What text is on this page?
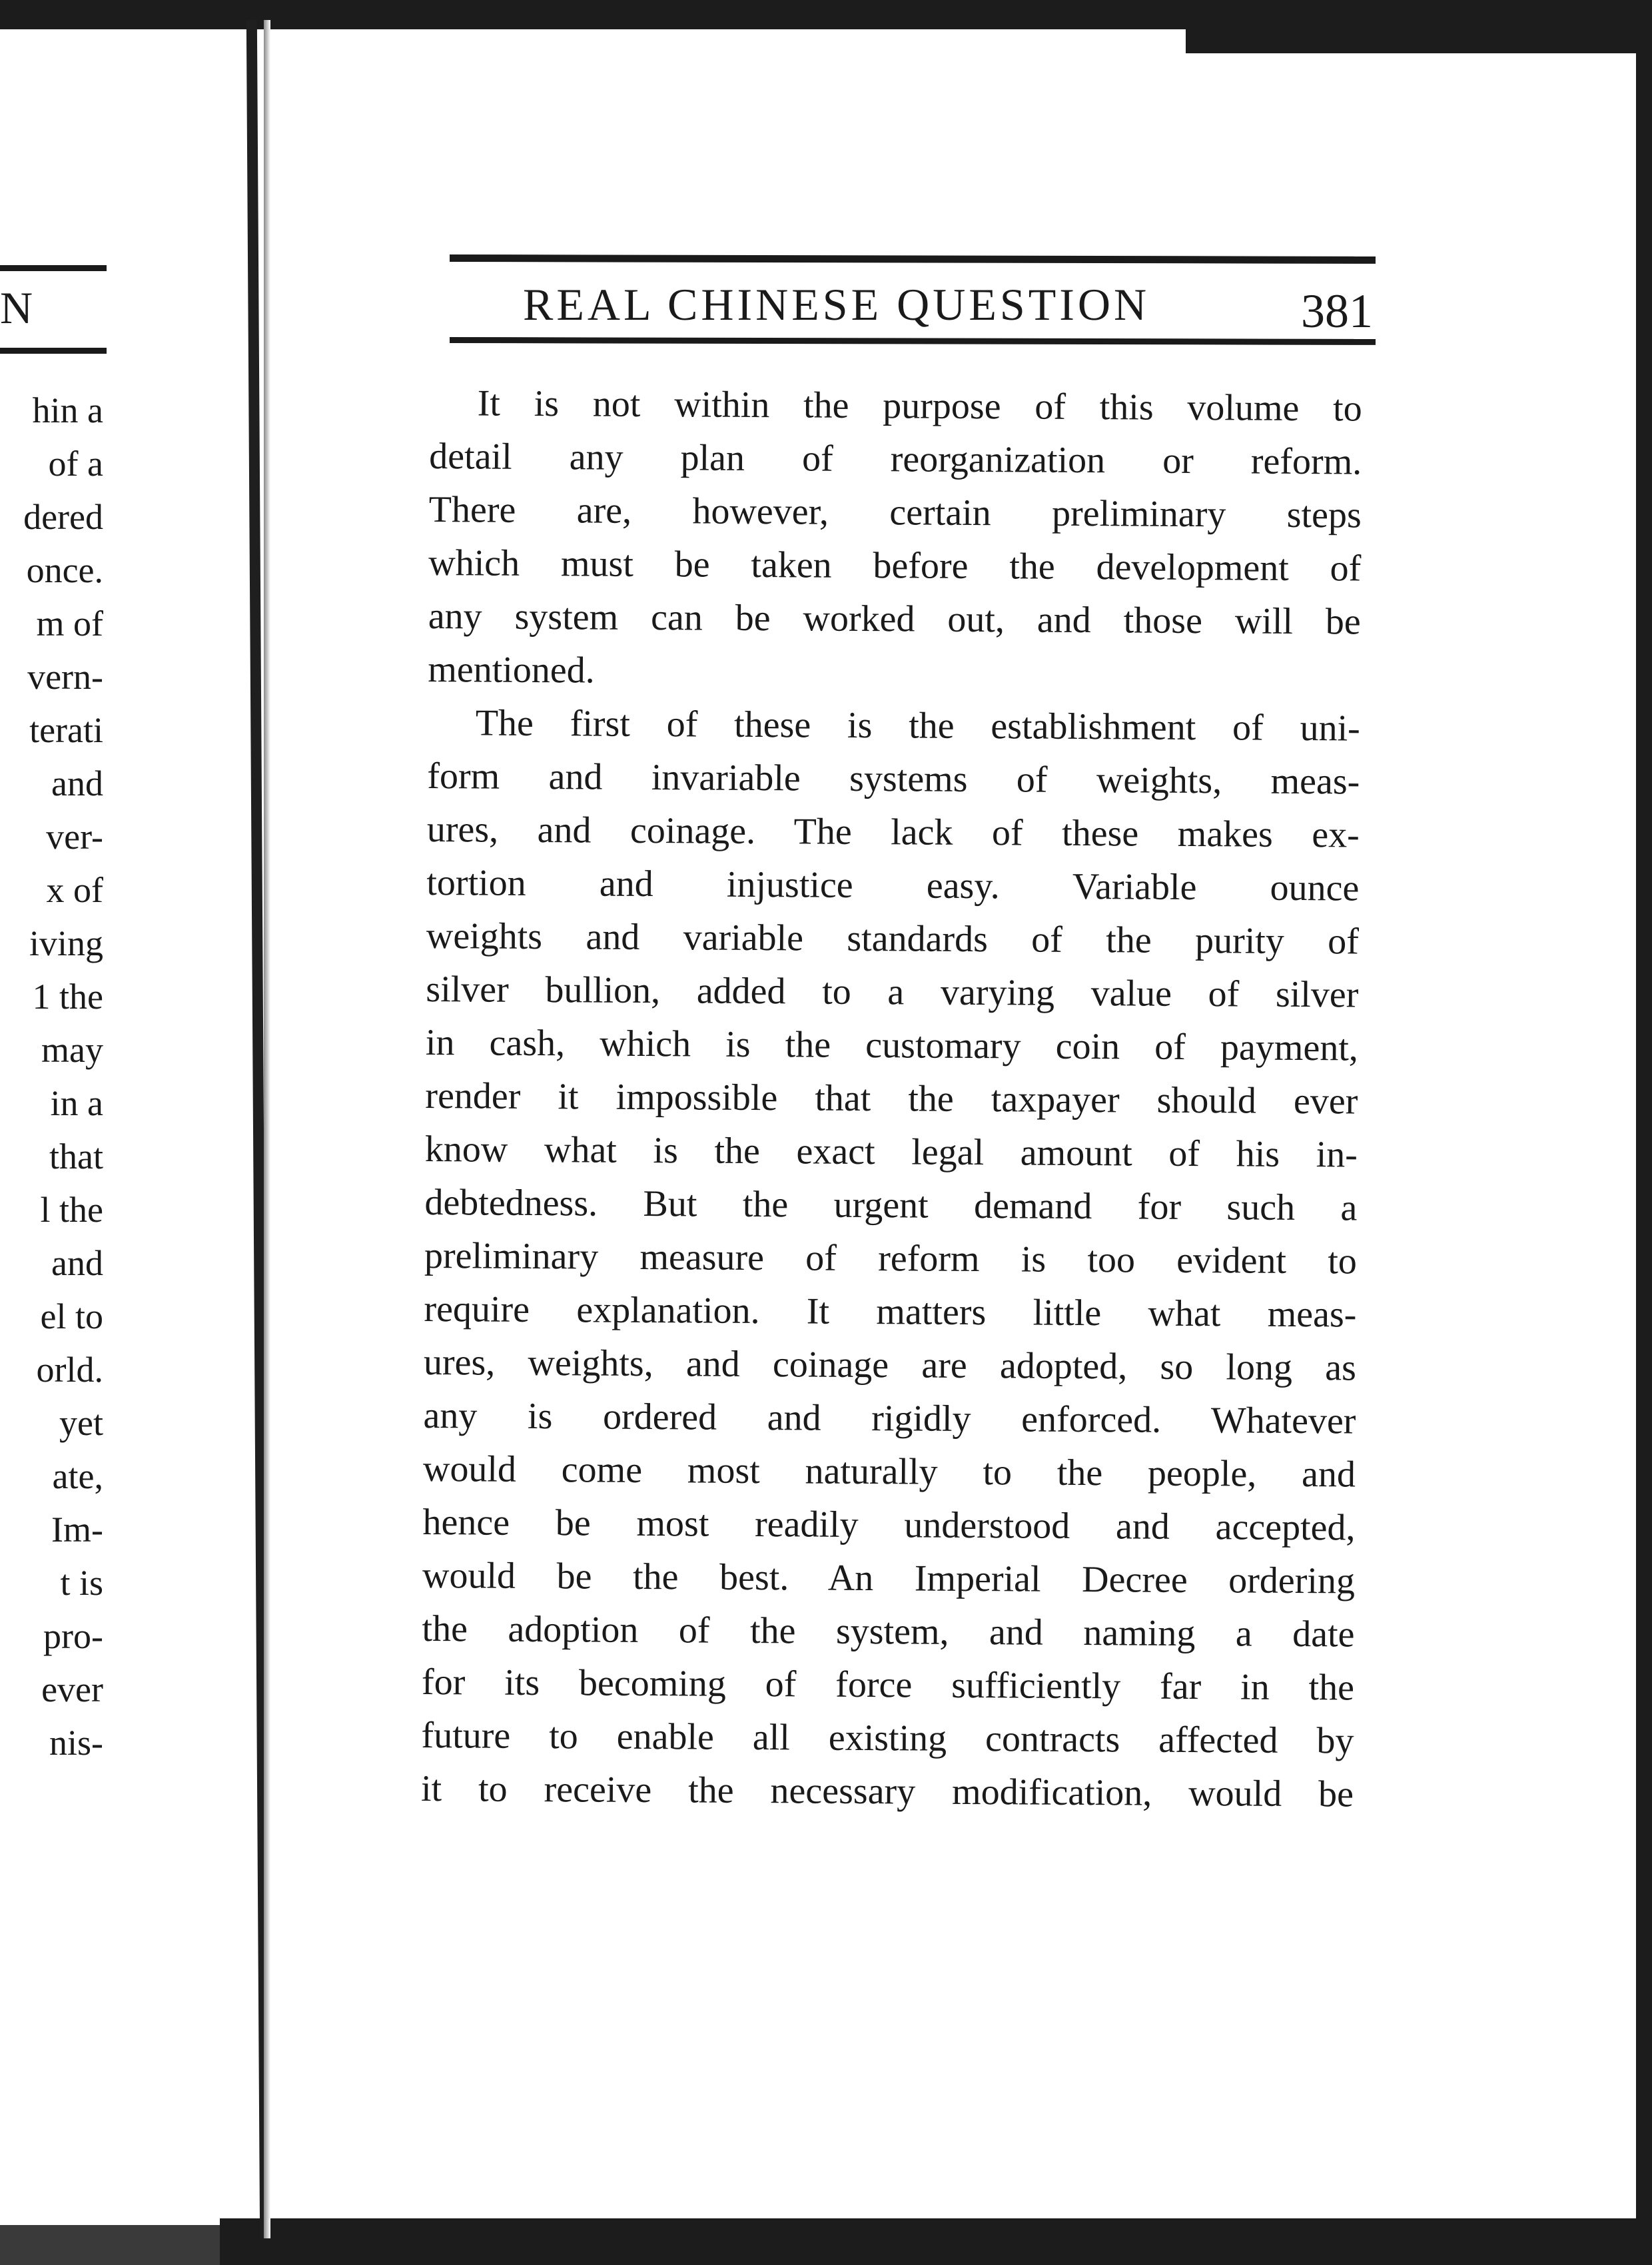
N
hin a
of a
dered
once.
m of
vern-
terati
and
ver-
x of
iving
1 the
may
in a
that
l the
and
el to
orld.
yet
ate,
Im-
t is
pro-
ever
nis-
REAL CHINESE QUESTION	381
It is not within the purpose of this volume to
detail any plan of reorganization or reform.
There are, however, certain preliminary steps
which must be taken before the development of
any system can be worked out, and those will be
mentioned.
The first of these is the establishment of uni-
form and invariable systems of weights, meas-
ures, and coinage. The lack of these makes ex-
tortion and injustice easy. Variable ounce
weights and variable standards of the purity of
silver bullion, added to a varying value of silver
in cash, which is the customary coin of payment,
render it impossible that the taxpayer should ever
know what is the exact legal amount of his in-
debtedness. But the urgent demand for such a
preliminary measure of reform is too evident to
require explanation. It matters little what meas-
ures, weights, and coinage are adopted, so long as
any is ordered and rigidly enforced. Whatever
would come most naturally to the people, and
hence be most readily understood and accepted,
would be the best. An Imperial Decree ordering
the adoption of the system, and naming a date
for its becoming of force sufficiently far in the
future to enable all existing contracts affected by
it to receive the necessary modification, would be
